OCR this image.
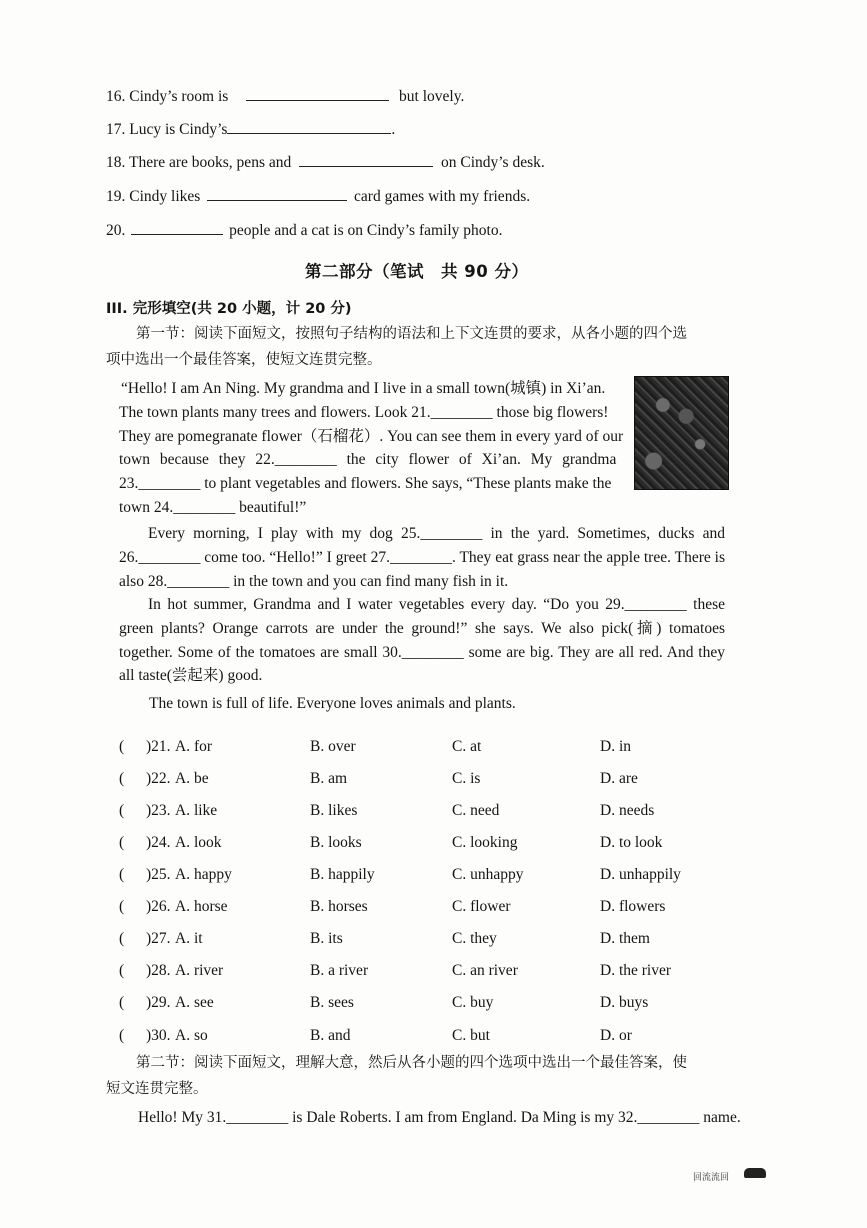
16. Cindy’s room is	but lovely.
17. Lucy is Cindy’s	.
18. There are books, pens and	on Cindy’s desk.
19. Cindy likes	card games with my friends.
20.	people and a cat is on Cindy’s family photo.
第二部分（笔试　共 90 分）
III. 完形填空(共 20 小题，计 20 分)
第一节：阅读下面短文，按照句子结构的语法和上下文连贯的要求，从各小题的四个选
项中选出一个最佳答案，使短文连贯完整。

“Hello! I am An Ning. My grandma and I live in a small town(城镇) in Xi’an.

The town plants many trees and flowers. Look 21.________ those big flowers!

They are pomegranate flower（石榴花）. You can see them in every yard of our

town because they 22.________ the city flower of Xi’an. My grandma

23.________ to plant vegetables and flowers. She says, “These plants make the

town 24.________ beautiful!”

Every morning, I play with my dog 25.________ in the yard. Sometimes, ducks and 26.________ come too. “Hello!” I greet 27.________. They eat grass near the apple tree. There is also 28.________ in the town and you can find many fish in it.

In hot summer, Grandma and I water vegetables every day. “Do you 29.________ these green plants? Orange carrots are under the ground!” she says. We also pick(摘) tomatoes together. Some of the tomatoes are small 30.________ some are big. They are all red. And they all taste(尝起来) good.

The town is full of life. Everyone loves animals and plants.

( )21. A. for	B. over	C. at	D. in
( )22. A. be	B. am	C. is	D. are
( )23. A. like	B. likes	C. need	D. needs
( )24. A. look	B. looks	C. looking	D. to look
( )25. A. happy	B. happily	C. unhappy	D. unhappily
( )26. A. horse	B. horses	C. flower	D. flowers
( )27. A. it	B. its	C. they	D. them
( )28. A. river	B. a river	C. an river	D. the river
( )29. A. see	B. sees	C. buy	D. buys
( )30. A. so	B. and	C. but	D. or
第二节：阅读下面短文，理解大意，然后从各小题的四个选项中选出一个最佳答案，使
短文连贯完整。
Hello! My 31.________ is Dale Roberts. I am from England. Da Ming is my 32.________ name.
回流流回
